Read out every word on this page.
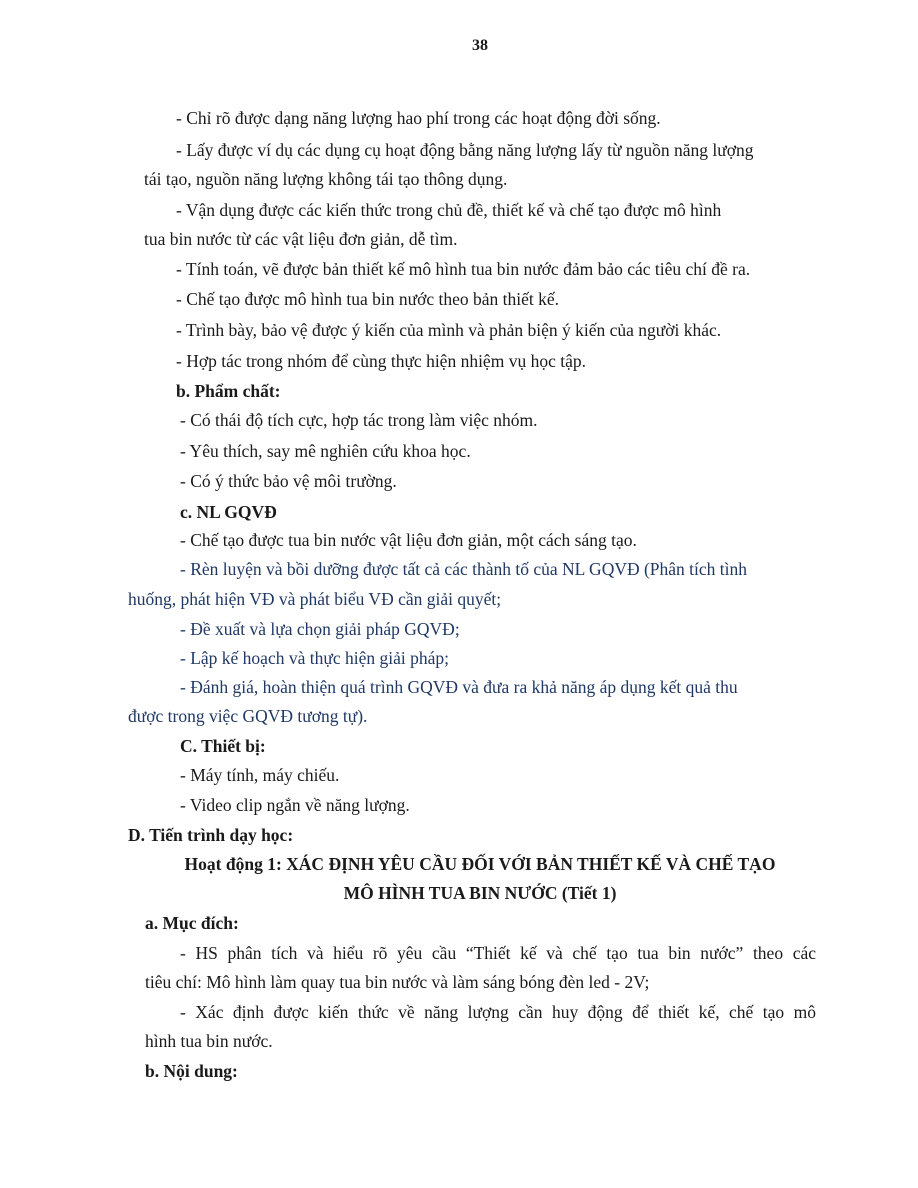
38
- Chỉ rõ được dạng năng lượng hao phí trong các hoạt động đời sống.
- Lấy được ví dụ các dụng cụ hoạt động bằng năng lượng lấy từ nguồn năng lượng
tái tạo, nguồn năng lượng không tái tạo thông dụng.
- Vận dụng được các kiến thức trong chủ đề, thiết kế và chế tạo được mô hình
tua bin nước từ các vật liệu đơn giản, dễ tìm.
- Tính toán, vẽ được bản thiết kế mô hình tua bin nước đảm bảo các tiêu chí đề ra.
- Chế tạo được mô hình tua bin nước theo bản thiết kế.
- Trình bày, bảo vệ được ý kiến của mình và phản biện ý kiến của người khác.
- Hợp tác trong nhóm để cùng thực hiện nhiệm vụ học tập.
b. Phẩm chất:
- Có thái độ tích cực, hợp tác trong làm việc nhóm.
- Yêu thích, say mê nghiên cứu khoa học.
- Có ý thức bảo vệ môi trường.
c. NL GQVĐ
- Chế tạo được tua bin nước vật liệu đơn giản, một cách sáng tạo.
- Rèn luyện và bồi dưỡng được tất cả các thành tố của NL GQVĐ (Phân tích tình
huống, phát hiện VĐ và phát biểu VĐ cần giải quyết;
- Đề xuất và lựa chọn giải pháp GQVĐ;
- Lập kế hoạch và thực hiện giải pháp;
- Đánh giá, hoàn thiện quá trình GQVĐ và đưa ra khả năng áp dụng kết quả thu
được trong việc GQVĐ tương tự).
C. Thiết bị:
- Máy tính, máy chiếu.
- Video clip ngắn về năng lượng.
D. Tiến trình dạy học:
Hoạt động 1: XÁC ĐỊNH YÊU CẦU ĐỐI VỚI BẢN THIẾT KẾ VÀ CHẾ TẠO
MÔ HÌNH TUA BIN NƯỚC (Tiết 1)
a. Mục đích:
- HS phân tích và hiểu rõ yêu cầu “Thiết kế và chế tạo tua bin nước” theo các
tiêu chí: Mô hình làm quay tua bin nước và làm sáng bóng đèn led - 2V;
- Xác định được kiến thức về năng lượng cần huy động để thiết kế, chế tạo mô
hình tua bin nước.
b. Nội dung:
